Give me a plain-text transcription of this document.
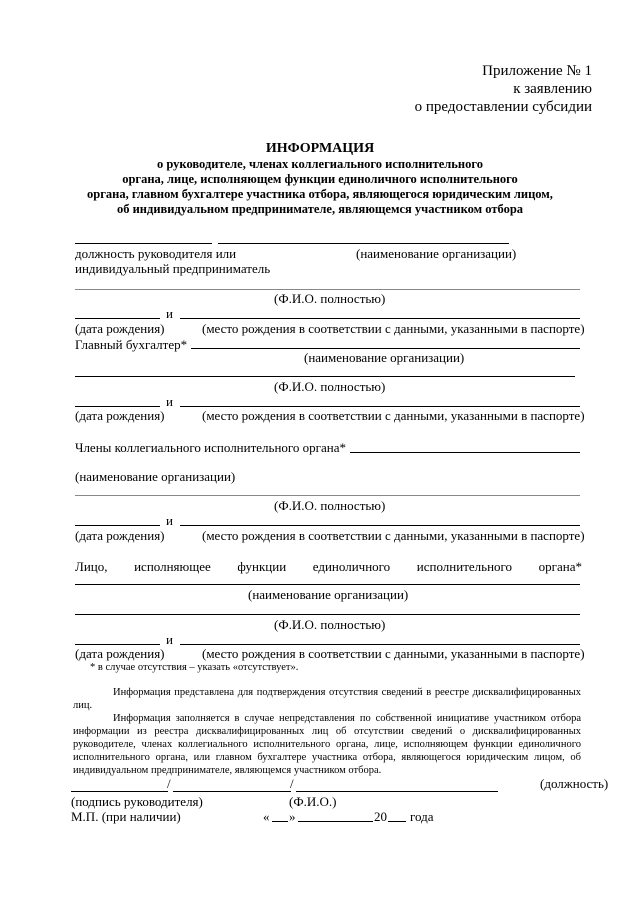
Приложение № 1
к заявлению
о предоставлении субсидии
ИНФОРМАЦИЯ
о руководителе, членах коллегиального исполнительного
органа, лице, исполняющем функции единоличного исполнительного
органа, главном бухгалтере участника отбора, являющегося юридическим лицом,
об индивидуальном предпринимателе, являющемся участником отбора
должность руководителя или	(наименование организации)
индивидуальный предприниматель
(Ф.И.О. полностью)
и
(дата рождения)	(место рождения в соответствии с данными, указанными в паспорте)
Главный бухгалтер*
(наименование организации)
(Ф.И.О. полностью)
и
(дата рождения)	(место рождения в соответствии с данными, указанными в паспорте)
Члены коллегиального исполнительного органа*
(наименование организации)
(Ф.И.О. полностью)
и
(дата рождения)	(место рождения в соответствии с данными, указанными в паспорте)
Лицо, исполняющее функции единоличного исполнительного органа*
(наименование организации)
(Ф.И.О. полностью)
и
(дата рождения)	(место рождения в соответствии с данными, указанными в паспорте)
* в случае отсутствия – указать «отсутствует».

Информация представлена для подтверждения отсутствия сведений в реестре дисквалифицированных лиц.

Информация заполняется в случае непредставления по собственной инициативе участником отбора информации из реестра дисквалифицированных лиц об отсутствии сведений о дисквалифицированных руководителе, членах коллегиального исполнительного органа, лице, исполняющем функции единоличного исполнительного органа, или главном бухгалтере участника отбора, являющегося юридическим лицом, об индивидуальном предпринимателе, являющемся участником отбора.

/	/	(должность)
(подпись руководителя)	(Ф.И.О.)
М.П. (при наличии)	« »	20 года
